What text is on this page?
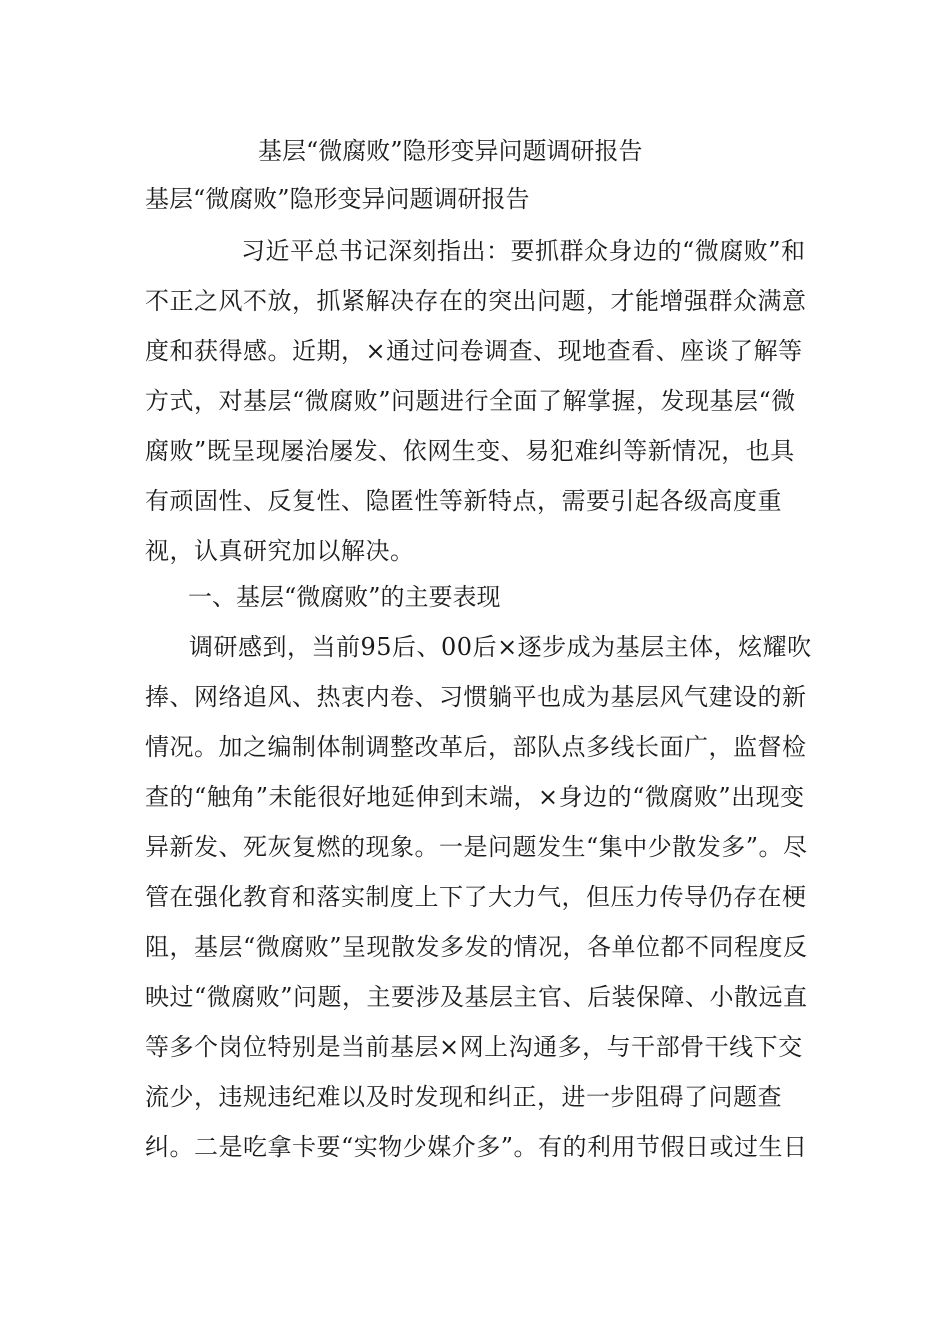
基层“微腐败”隐形变异问题调研报告
基层“微腐败”隐形变异问题调研报告

习近平总书记深刻指出：要抓群众身边的“微腐败”和不正之风不放，抓紧解决存在的突出问题，才能增强群众满意度和获得感。近期，×通过问卷调查、现地查看、座谈了解等方式，对基层“微腐败”问题进行全面了解掌握，发现基层“微腐败”既呈现屡治屡发、依网生变、易犯难纠等新情况，也具有顽固性、反复性、隐匿性等新特点，需要引起各级高度重视，认真研究加以解决。

一、基层“微腐败”的主要表现

调研感到，当前95后、00后×逐步成为基层主体，炫耀吹捧、网络追风、热衷内卷、习惯躺平也成为基层风气建设的新情况。加之编制体制调整改革后，部队点多线长面广，监督检查的“触角”未能很好地延伸到末端，×身边的“微腐败”出现变异新发、死灰复燃的现象。一是问题发生“集中少散发多”。尽管在强化教育和落实制度上下了大力气，但压力传导仍存在梗阻，基层“微腐败”呈现散发多发的情况，各单位都不同程度反映过“微腐败”问题，主要涉及基层主官、后装保障、小散远直等多个岗位特别是当前基层×网上沟通多，与干部骨干线下交流少，违规违纪难以及时发现和纠正，进一步阻碍了问题查纠。二是吃拿卡要“实物少媒介多”。有的利用节假日或过生日
